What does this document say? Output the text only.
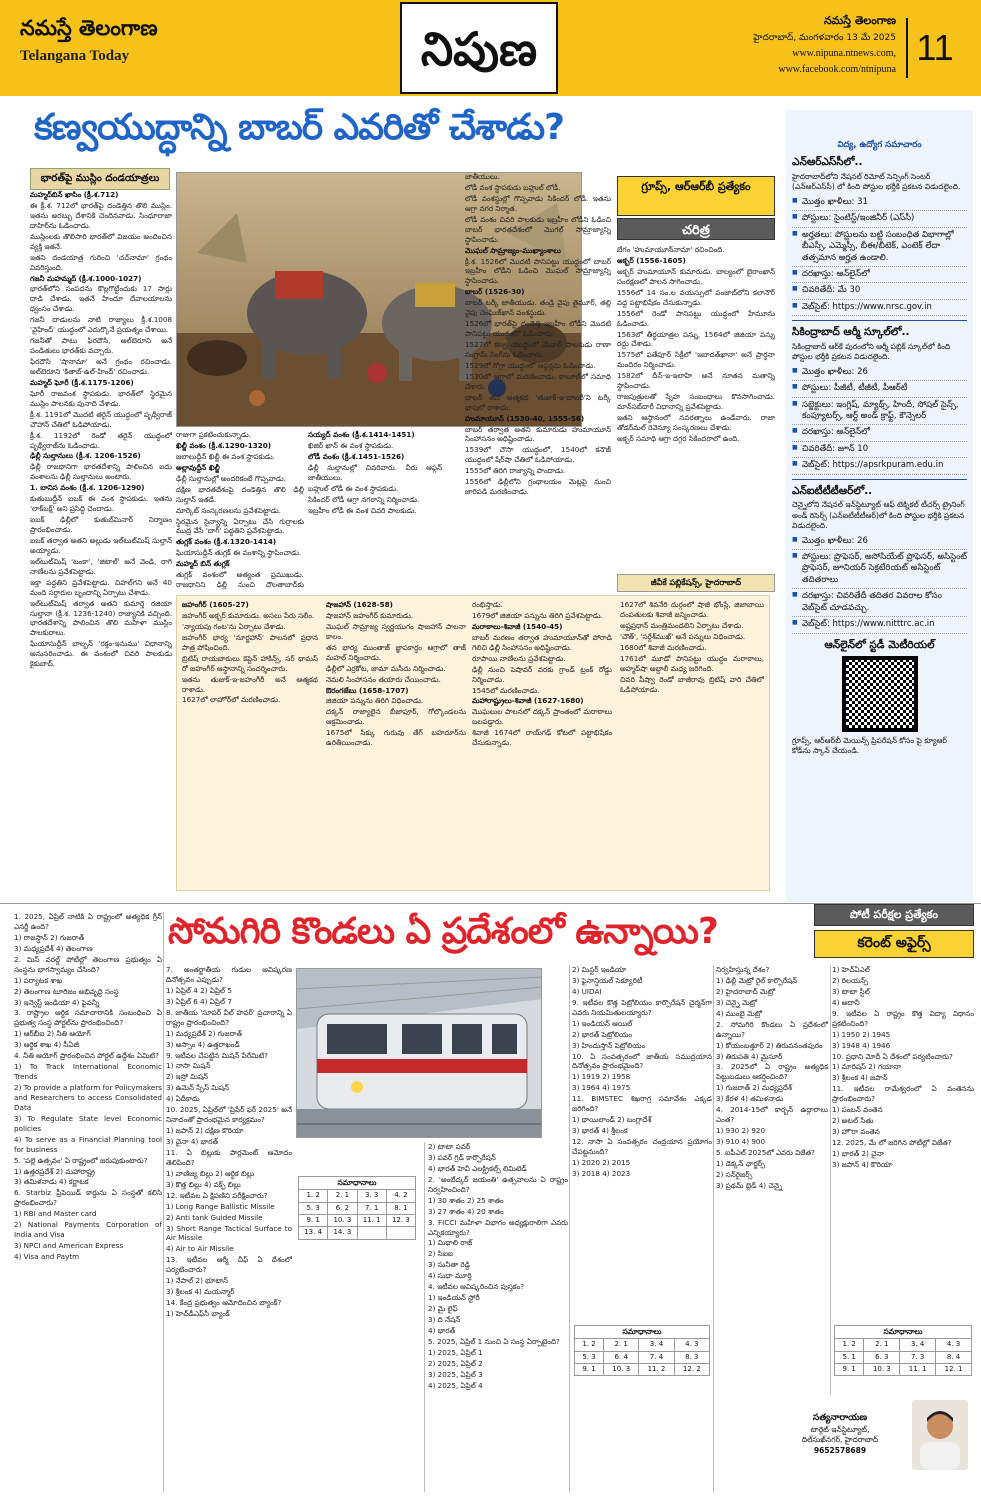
నమస్తే తెలంగాణ
Telangana Today	నిపుణ
నమస్తే తెలంగాణ
హైదరాబాద్, మంగళవారం 13 మే 2025
www.nipuna.ntnews.com,
www.facebook.com/ntnipuna
11
కణ్వయుద్ధాన్ని బాబర్ ఎవరితో చేశాడు?
భారత్‌పై ముస్లిం దండయాత్రలు
గ్రూప్స్, ఆర్ఆర్‌బీ ప్రత్యేకం
చరిత్ర

మహ్మద్‌బిన్ ఖాసిం (క్రీ.శ.712)

ఈ క్రీ.శ. 712లో భారత్‌పై దండెత్తిన తొలి ముస్లిం. ఇతను అరబ్బు దేశానికి చెందినవాడు. సింధూరాజా దాహిర్‌ను ఓడించాడు.

ముస్లింలకు తొలిసారి భారత్‌లో విజయం అందించిన వ్యక్తి ఇతనే.

ఇతని దండయాత్ర గురించి 'చచ్‌నామా' గ్రంథం వివరిస్తుంది.

గజనీ మహమ్మద్ (క్రీ.శ.1000-1027)

భారత్‌లోని సంపదను కొల్లగొట్టేందుకు 17 సార్లు దాడి చేశాడు. ఇతనే హిందూ దేవాలయాలను ధ్వంసం చేశాడు.

గజనీ దాడులను నాటి రాజ్యాలు క్రీ.శ.1008 'వైహింద్' యుద్ధంలో ఎదుర్కొనే ప్రయత్నం చేశాయి.

గజనీతో పాటు ఫిరదౌసి, అల్‌బెరూని అనే పండితులు భారత్‌కు వచ్చారు.

ఫిరదౌసి 'షానామా' అనే గ్రంథం రచించాడు. అల్‌బెరూని 'కితాబ్-ఉల్-హింద్' రచించాడు.

మహ్మద్ ఘోరీ (క్రీ.శ.1175-1206)

ఘోరీ రాజవంశ స్థాపకుడు. భారత్‌లో స్థిరమైన ముస్లిం పాలనకు పునాది వేశాడు.

క్రీ.శ. 1191లో మొదటి తరైన్ యుద్ధంలో పృథ్వీరాజ్ చౌహాన్ చేతిలో ఓడిపోయాడు.

క్రీ.శ. 1192లో రెండో తరైన్ యుద్ధంలో పృథ్వీరాజ్‌ను ఓడించాడు.

ఢిల్లీ సుల్తానులు (క్రీ.శ. 1206-1526)

ఢిల్లీ రాజధానిగా భారతదేశాన్ని పాలించిన ఐదు వంశాలను ఢిల్లీ సుల్తానులు అంటారు.

1. బానిస వంశం (క్రీ.శ. 1206-1290)

కుతుబుద్దీన్ ఐబక్ ఈ వంశ స్థాపకుడు. ఇతను 'లాక్‌బక్ష్' అని ప్రసిద్ధి చెందాడు.

ఐబక్ ఢిల్లీలో కుతుబ్‌మినార్ నిర్మాణం ప్రారంభించాడు.

ఐబక్ తర్వాత అతని అల్లుడు ఇల్‌టుట్‌మిష్ సుల్తాన్ అయ్యాడు.

ఇల్‌టుట్‌మిష్ 'టంకా', 'జిటాల్' అనే వెండి, రాగి నాణేలను ప్రవేశపెట్టాడు.

ఇక్తా పద్ధతిని ప్రవేశపెట్టాడు. చిహల్‌గని అనే 40 మంది సర్దారుల బృందాన్ని ఏర్పాటు చేశాడు.

ఇల్‌టుట్‌మిష్ తర్వాత అతని కుమార్తె రజియా సుల్తానా (క్రీ.శ. 1236-1240) రాజ్యానికి వచ్చింది. భారతదేశాన్ని పాలించిన తొలి మహిళా ముస్లిం పాలకురాలు.

ఘియాసుద్దీన్ బాల్బన్ 'రక్తం-ఇనుము' విధానాన్ని అనుసరించాడు. ఈ వంశంలో చివరి పాలకుడు కైకుబాద్.

రాజుగా ప్రకటించుకున్నాడు.

ఖిల్జీ వంశం (క్రీ.శ.1290-1320)

జలాలుద్దీన్ ఖిల్జీ ఈ వంశ స్థాపకుడు.

అల్లావుద్దీన్ ఖిల్జీ

ఢిల్లీ సుల్తానుల్లో అందరికంటే గొప్పవాడు.

దక్షిణ భారతదేశంపై దండెత్తిన తొలి ఢిల్లీ సుల్తాన్ ఇతడే.

మార్కెట్ సంస్కరణలను ప్రవేశపెట్టాడు.

స్థిరమైన సైన్యాన్ని ఏర్పాటు చేసి గుర్రాలకు ముద్ర వేసే 'దాగ్' పద్ధతిని ప్రవేశపెట్టాడు.

తుగ్లక్ వంశం (క్రీ.శ.1320-1414)

ఘియాసుద్దీన్ తుగ్లక్ ఈ వంశాన్ని స్థాపించాడు.

మహ్మద్ బిన్ తుగ్లక్

తుగ్లక్ వంశంలో అత్యంత ప్రముఖుడు. రాజధానిని ఢిల్లీ నుంచి దౌలతాబాద్‌కు

సయ్యద్ వంశం (క్రీ.శ.1414-1451)

ఖిజిర్ ఖాన్ ఈ వంశ స్థాపకుడు.

లోడీ వంశం (క్రీ.శ.1451-1526)

ఢిల్లీ సుల్తానుల్లో చివరివారు. వీరు ఆఫ్గన్ జాతీయులు.

బహ్లుల్ లోడీ ఈ వంశ స్థాపకుడు.

సికిందర్ లోడీ ఆగ్రా నగరాన్ని నిర్మించాడు.

ఇబ్రహీం లోడీ ఈ వంశ చివరి పాలకుడు.

జాతీయులు.

లోడీ వంశ స్థాపకుడు బహ్లుల్ లోడీ.

లోడీ వంశస్థుల్లో గొప్పవాడు సికిందర్ లోడీ. ఇతను ఆగ్రా నగర నిర్మాత.

లోడీ వంశం చివరి పాలకుడు ఇబ్రహీం లోడీని ఓడించి బాబర్ భారతదేశంలో మొగల్ సామ్రాజ్యాన్ని స్థాపించాడు.

మొఘల్ సామ్రాజ్యం-ముఖ్యాంశాలు

క్రీ.శ. 1526లో మొదటి పానిపట్టు యుద్ధంలో బాబర్ ఇబ్రహీం లోడీని ఓడించి మొఘల్ సామ్రాజ్యాన్ని స్థాపించాడు.

బాబర్ (1526-30)

బాబర్ టర్కీ జాతీయుడు. తండ్రి వైపు తైమూర్, తల్లి వైపు చెంఘిజ్‌ఖాన్ వంశస్థుడు.

1526లో భారత్‌పై దండెత్తి ఇబ్రహీం లోడీని మొదటి పానిపట్టు యుద్ధంలో ఓడించాడు.

1527లో కణ్వ యుద్ధంలో మేవార్ పాలకుడు రాణా సంగ్రామ్ సింగ్‌ను ఓడించాడు.

1529లో గోగ్రా యుద్ధంలో ఆఫ్గన్లను ఓడించాడు.

1530లో ఆగ్రాలో మరణించాడు. కాబూల్‌లో సమాధి చేశారు.

బాబర్ తన ఆత్మకథ 'తుజుక్-ఇ-బాబరీ'ని టర్కీ భాషలో రాశాడు.

హుమాయూన్ (1530-40, 1555-56)

బాబర్ తర్వాత అతని కుమారుడు హుమాయూన్ సింహాసనం అధిష్టించాడు.

1539లో చౌసా యుద్ధంలో, 1540లో కనౌజ్ యుద్ధంలో షేర్‌షా చేతిలో ఓడిపోయాడు.

1555లో తిరిగి రాజ్యాన్ని పొందాడు.

1556లో ఢిల్లీలోని గ్రంథాలయం మెట్లపై నుంచి జారిపడి మరణించాడు.

బేగం 'హుమాయూన్‌నామా' రచించింది.

అక్బర్ (1556-1605)

అక్బర్ హుమాయూన్ కుమారుడు. బాల్యంలో బైరాంఖాన్ సంరక్షణలో పాలన సాగించాడు.

1556లో 14 సం.ల వయస్సులో పంజాబ్‌లోని కలానౌర్ వద్ద పట్టాభిషేకం చేసుకున్నాడు.

1556లో రెండో పానిపట్టు యుద్ధంలో హేమూను ఓడించాడు.

1563లో తీర్థయాత్రల పన్ను, 1564లో జిజియా పన్ను రద్దు చేశాడు.

1575లో ఫతేపూర్ సిక్రీలో 'ఇబాదత్‌ఖానా' అనే ప్రార్థనా మందిరం నిర్మించాడు.

1582లో దీన్-ఇ-ఇలాహి అనే నూతన మతాన్ని స్థాపించాడు.

రాజపుత్రులతో స్నేహ సంబంధాలు కొనసాగించాడు. మాన్‌సబ్‌దారీ విధానాన్ని ప్రవేశపెట్టాడు.

ఇతని ఆస్థానంలో నవరత్నాలు ఉండేవారు. రాజా తోడర్‌మల్ రెవెన్యూ సంస్కరణలు చేశాడు.

అక్బర్ సమాధి ఆగ్రా దగ్గర సికిందరాలో ఉంది.

జీవీకే పబ్లికేషన్స్, హైదరాబాద్

జహంగీర్ (1605-27)

జహంగీర్ అక్బర్ కుమారుడు. అసలు పేరు సలీం.

'న్యాయపు గంట'ను ఏర్పాటు చేశాడు.

జహంగీర్ భార్య 'నూర్జహాన్' పాలనలో ప్రధాన పాత్ర పోషించింది.

బ్రిటిష్ రాయబారులు కెప్టెన్ హాకిన్స్, సర్ థామస్ రో జహంగీర్ ఆస్థానాన్ని సందర్శించారు.

ఇతను తుజుక్-ఇ-జహంగీరీ అనే ఆత్మకథ రాశాడు.

1627లో లాహోర్‌లో మరణించాడు.

షాజహాన్ (1628-58)

షాజహాన్ జహంగీర్ కుమారుడు.

మొఘల్ సామ్రాజ్య స్వర్ణయుగం షాజహాన్ పాలనా కాలం.

తన భార్య ముంతాజ్ జ్ఞాపకార్థం ఆగ్రాలో తాజ్ మహల్ నిర్మించాడు.

ఢిల్లీలో ఎర్రకోట, జామా మసీదు నిర్మించాడు.

నెమలి సింహాసనం తయారు చేయించాడు.

ఔరంగజేబు (1658-1707)

జిజియా పన్నును తిరిగి విధించాడు.

దక్కన్ రాజ్యాలైన బీజాపూర్, గోల్కొండలను ఆక్రమించాడు.

1675లో సిక్కు గురువు తేగ్ బహదూర్‌ను ఉరితీయించాడు.

రంభిస్తాడు.

1679లో జిజియా పన్నును తిరిగి ప్రవేశపెట్టాడు.

మరాఠాలు-శివాజీ (1540-45)

బాబర్ మరణం తర్వాత హుమాయూన్‌తో పోరాడి గెలిచి ఢిల్లీ సింహాసనం అధిష్ఠించాడు.

రూపాయి నాణేలను ప్రవేశపెట్టాడు.

ఢిల్లీ నుంచి పెషావర్ వరకు గ్రాండ్ ట్రంక్ రోడ్డు నిర్మించాడు.

1545లో మరణించాడు.

మహారాష్ట్రులు-శివాజీ (1627-1680)

మొఘలుల పాలనలో దక్కన్ ప్రాంతంలో మరాఠాలు బలపడ్డారు.

శివాజీ 1674లో రాయ్‌గఢ్ కోటలో పట్టాభిషేకం చేసుకున్నాడు.

1627లో శివనేరి దుర్గంలో షాజీ భోంస్లే, జిజాబాయి దంపతులకు శివాజీ జన్మించాడు.

అష్టప్రధాన్ మంత్రిమండలిని ఏర్పాటు చేశాడు.

'చౌత్', 'సర్దేశ్‌ముఖ్' అనే పన్నులు విధించాడు.

1680లో శివాజీ మరణించాడు.

1761లో మూడో పానిపట్టు యుద్ధం మరాఠాలు, అహ్మద్‌షా అబ్దాలీ మధ్య జరిగింది.

చివరి పీష్వా రెండో బాజీరావు బ్రిటిష్ వారి చేతిలో ఓడిపోయాడు.

విద్య, ఉద్యోగ సమాచారం
ఎన్ఆర్ఎస్‌సీలో..
హైదరాబాద్‌లోని నేషనల్ రిమోట్ సెన్సింగ్ సెంటర్ (ఎన్ఆర్ఎస్‌సీ) లో కింది పోస్టుల భర్తీకి ప్రకటన విడుదలైంది.
■ మొత్తం ఖాళీలు: 31
■ పోస్టులు: సైంటిస్ట్/ఇంజినీర్ (ఎస్‌సీ)
■ అర్హతలు: పోస్టులను బట్టి సంబంధిత విభాగాల్లో బీఎస్సీ, ఎమ్మెస్సీ, బీఈ/బీటెక్, ఎంటెక్ లేదా తత్సమాన అర్హత ఉండాలి.
■ దరఖాస్తు: ఆన్‌లైన్‌లో
■ చివరితేదీ: మే 30
■ వెబ్‌సైట్: https://www.nrsc.gov.in
సికింద్రాబాద్ ఆర్మీ స్కూల్‌లో..
సికింద్రాబాద్ ఆర్‌కే పురంలోని ఆర్మీ పబ్లిక్ స్కూల్‌లో కింది పోస్టుల భర్తీకి ప్రకటన విడుదలైంది.
■ మొత్తం ఖాళీలు: 26
■ పోస్టులు: పీజీటీ, టీజీటీ, పీఆర్‌టీ
■ సబ్జెక్టులు: ఇంగ్లిష్, మ్యాథ్స్, హిందీ, సోషల్ సైన్స్, కంప్యూటర్స్, ఆర్ట్ అండ్ క్రాఫ్ట్, కౌన్సెలర్
■ దరఖాస్తు: ఆన్‌లైన్‌లో
■ చివరితేదీ: జూన్ 10
■ వెబ్‌సైట్: https://apsrkpuram.edu.in
ఎన్ఐటీటీటీఆర్‌లో..
చెన్నైలోని నేషనల్ ఇన్‌స్టిట్యూట్ ఆఫ్ టెక్నికల్ టీచర్స్ ట్రైనింగ్ అండ్ రిసెర్చ్ (ఎన్ఐటీటీటీఆర్)లో కింది పోస్టుల భర్తీకి ప్రకటన విడుదలైంది.
■ మొత్తం ఖాళీలు: 26
■ పోస్టులు: ప్రొఫెసర్, అసోసియేట్ ప్రొఫెసర్, అసిస్టెంట్ ప్రొఫెసర్, జూనియర్ సెక్రటేరియట్ అసిస్టెంట్ తదితరాలు
■ దరఖాస్తు: చివరితేదీ తదితర వివరాల కోసం వెబ్‌సైట్ చూడవచ్చు.
■ వెబ్‌సైట్: https://www.nitttrc.ac.in
ఆన్‌లైన్‌లో స్టడీ మెటీరియల్
గ్రూప్స్, ఆర్ఆర్‌బీ మెయిన్స్ ప్రిపరేషన్ కోసం పై క్యూఆర్ కోడ్‌ను స్కాన్ చేయండి.
సోమగిరి కొండలు ఏ ప్రదేశంలో ఉన్నాయి?	పోటీ పరీక్షల ప్రత్యేకం
కరెంట్ అఫైర్స్

1. 2025, ఏప్రిల్ నాటికి ఏ రాష్ట్రంలో అత్యధిక గ్రీన్ ఎనర్జీ ఉంది?

1) రాజస్థాన్ 2) గుజరాత్

3) మధ్యప్రదేశ్ 4) తెలంగాణ

2. మిస్ వరల్డ్ పోటీల్లో తెలంగాణ ప్రభుత్వం ఏ సంస్థను భాగస్వామ్యం చేసింది?

1) పర్యాటక శాఖ

2) తెలంగాణ టూరిజం అభివృద్ధి సంస్థ

3) ఇన్వెస్ట్ ఇండియా 4) పైవన్నీ

3. రాష్ట్రాల ఆర్థిక సమాచారానికి సంబంధించి ఏ ప్రభుత్వ సంస్థ పోర్టల్‌ను ప్రారంభించింది?

1) ఆర్‌బీఐ 2) నీతి ఆయోగ్

3) ఆర్థిక శాఖ 4) సీఏజీ

4. నీతి ఆయోగ్ ప్రారంభించిన పోర్టల్ ఉద్దేశం ఏమిటి?

1) To Track International Economic Trends

2) To provide a platform for Policymakers and Researchers to access Consolidated Data

3) To Regulate State level Economic policies

4) To serve as a Financial Planning tool for business

5. 'పల్లె ఉత్సవం' ఏ రాష్ట్రంలో జరుపుకుంటారు?

1) ఉత్తరప్రదేశ్ 2) మహారాష్ట్ర

3) తమిళనాడు 4) కర్ణాటక

6. Starbiz ప్రీపెయిడ్ కార్డును ఏ సంస్థతో కలిసి ప్రారంభించారు?

1) RBI and Master card

2) National Payments Corporation of India and Visa

3) NPCI and American Express

4) Visa and Paytm

7. అంతర్జాతీయ గుడుల ఆవిష్కరణ దినోత్సవం ఎప్పుడు?

1) ఏప్రిల్ 4 2) ఏప్రిల్ 5

3) ఏప్రిల్ 6 4) ఏప్రిల్ 7

8. జాతీయ 'సూపర్ వీల్ హవర్' ప్రచారాన్ని ఏ రాష్ట్రం ప్రారంభించింది?

1) మధ్యప్రదేశ్ 2) గుజరాత్

3) అస్సాం 4) ఉత్తరాఖండ్

9. ఇటీవల చేపట్టిన మిషన్ పేరేమిటి?

1) నాసా మిషన్

2) ఇస్రో మిషన్

3) ఉమెన్ స్పేస్ మిషన్

4) ఏదీకాదు

10. 2025, ఏప్రిల్‌లో 'ప్రిపేర్ ఫర్ 2025' అనే నినాదంతో ప్రారంభమైన కార్యక్రమం?

1) జపాన్ 2) దక్షిణ కొరియా

3) చైనా 4) భారత్

11. ఏ బిల్లుకు పార్లమెంట్ ఆమోదం తెలిపింది?

1) వాణిజ్య బిల్లు 2) ఆర్థిక బిల్లు

3) కొత్త బిల్లు 4) వక్ఫ్ బిల్లు

12. ఇటీవల ఏ క్షిపణిని పరీక్షించారు?

1) Long Range Ballistic Missile

2) Anti tank Guided Missile

3) Short Range Tactical Surface to Air Missile

4) Air to Air Missile

13. ఇటీవల ఆర్మీ చీఫ్ ఏ దేశంలో పర్యటించారు?

1) నేపాల్ 2) భూటాన్

3) శ్రీలంక 4) మయన్మార్

14. కేంద్ర ప్రభుత్వం ఆమోదించిన బ్యాంక్?

1) హెచ్‌డీఎఫ్‌సీ బ్యాంక్

సమాధానాలు			
1. 2	2. 1	3. 3	4. 2
5. 3	6. 2	7. 1	8. 1
9. 1	10. 3	11. 1	12. 3
13. 4	14. 3		

2) టాటా పవర్

3) పవర్ గ్రిడ్ కార్పొరేషన్

4) భారత్ హెవీ ఎలక్ట్రికల్స్ లిమిటెడ్

2. 'అంబేద్కర్ జయంతి' ఉత్సవాలను ఏ రాష్ట్రం నిర్వహించింది?

1) 30 శాతం 2) 25 శాతం

3) 27 శాతం 4) 20 శాతం

3. FICCI మహిళా విభాగం అధ్యక్షురాలిగా ఎవరు ఎన్నికయ్యారు?

1) మిథాలి రాజ్

2) సిఐఐ

3) సునీతా రెడ్డి

4) సుధా మూర్తి

4. ఇటీవల ఆవిష్కరించిన పుస్తకం?

1) ఇండియన్ స్టోరీ

2) మై లైఫ్

3) ది నేషన్

4) భారత్

5. 2025, ఏప్రిల్ 1 నుంచి ఏ సంస్థ ఏర్పాటైంది?

1) 2025, ఏప్రిల్ 1

2) 2025, ఏప్రిల్ 2

3) 2025, ఏప్రిల్ 3

4) 2025, ఏప్రిల్ 4

2) మిస్టర్ ఇండియా

3) ఫైనాన్షియల్ సెక్యూరిటీ

4) UIDAI

9. ఇటీవల కొత్త పెట్రోలియం కార్పొరేషన్ చైర్మన్‌గా ఎవరు నియమితులయ్యారు?

1) ఇండియన్ ఆయిల్

2) భారత్ పెట్రోలియం

3) హిందుస్తాన్ పెట్రోలియం

10. ఏ సంవత్సరంలో జాతీయ సముద్రయాన దినోత్సవం ప్రారంభమైంది?

1) 1919 2) 1958

3) 1964 4) 1975

11. BIMSTEC శిఖరాగ్ర సమావేశం ఎక్కడ జరిగింది?

1) థాయిలాండ్ 2) బంగ్లాదేశ్

3) భారత్ 4) శ్రీలంక

12. నాసా ఏ సంవత్సరం చంద్రయాన ప్రయోగం చేపట్టనుంది?

1) 2020 2) 2015

3) 2018 4) 2023

సమాధానాలు			
1. 2	2. 1	3. 4	4. 3
5. 3	6. 4	7. 4	8. 3
9. 1	10. 3	11. 2	12. 2

నిర్వహిస్తున్న దేశం?

1) ఢిల్లీ మెట్రో రైల్ కార్పొరేషన్

2) హైదరాబాద్ మెట్రో

3) చెన్నై మెట్రో

4) ముంబై మెట్రో

2. సోమగిరి కొండలు ఏ ప్రదేశంలో ఉన్నాయి?

1) కోయంబత్తూర్ 2) తిరువనంతపురం

3) తిరుపతి 4) మైసూర్

3. 2025లో ఏ రాష్ట్రం అత్యధిక పెట్టుబడులు ఆకర్షించింది?

1) గుజరాత్ 2) మధ్యప్రదేశ్

3) కేరళ 4) తమిళనాడు

4. 2014-15లో కార్బన్ ఉద్గారాలు ఎంత?

1) 930 2) 920

3) 910 4) 900

5. ఐపీఎల్ 2025లో ఎవరు విజేత?

1) డెక్కన్ ఛార్జర్స్

2) సన్‌రైజర్స్

3) ప్రథమ్ బ్లెడ్ 4) చెన్నై

1) హెచ్ఏఎల్

2) రిలయన్స్

3) టాటా స్టీల్

4) అదానీ

9. ఇటీవల ఏ రాష్ట్రం కొత్త విద్యా విధానం ప్రకటించింది?

1) 1950 2) 1945

3) 1948 4) 1946

10. ప్రధాని మోదీ ఏ దేశంలో పర్యటించారు?

1) మారిషస్ 2) గయానా

3) శ్రీలంక 4) జపాన్

11. ఇటీవల రామేశ్వరంలో ఏ వంతెనను ప్రారంభించారు?

1) పంబన్ వంతెన

2) అటల్ సేతు

3) హౌరా వంతెన

12. 2025, మే లో జరిగిన పోటీల్లో విజేత?

1) భారత్ 2) చైనా

3) జపాన్ 4) కొరియా

సమాధానాలు			
1. 2	2. 1	3. 4	4. 3
5. 1	6. 3	7. 3	8. 4
9. 1	10. 3	11. 1	12. 1
సత్యనారాయణ
టార్గెట్ ఇన్‌స్టిట్యూట్, దిల్‌సుఖ్‌నగర్, హైదరాబాద్
9652578689
